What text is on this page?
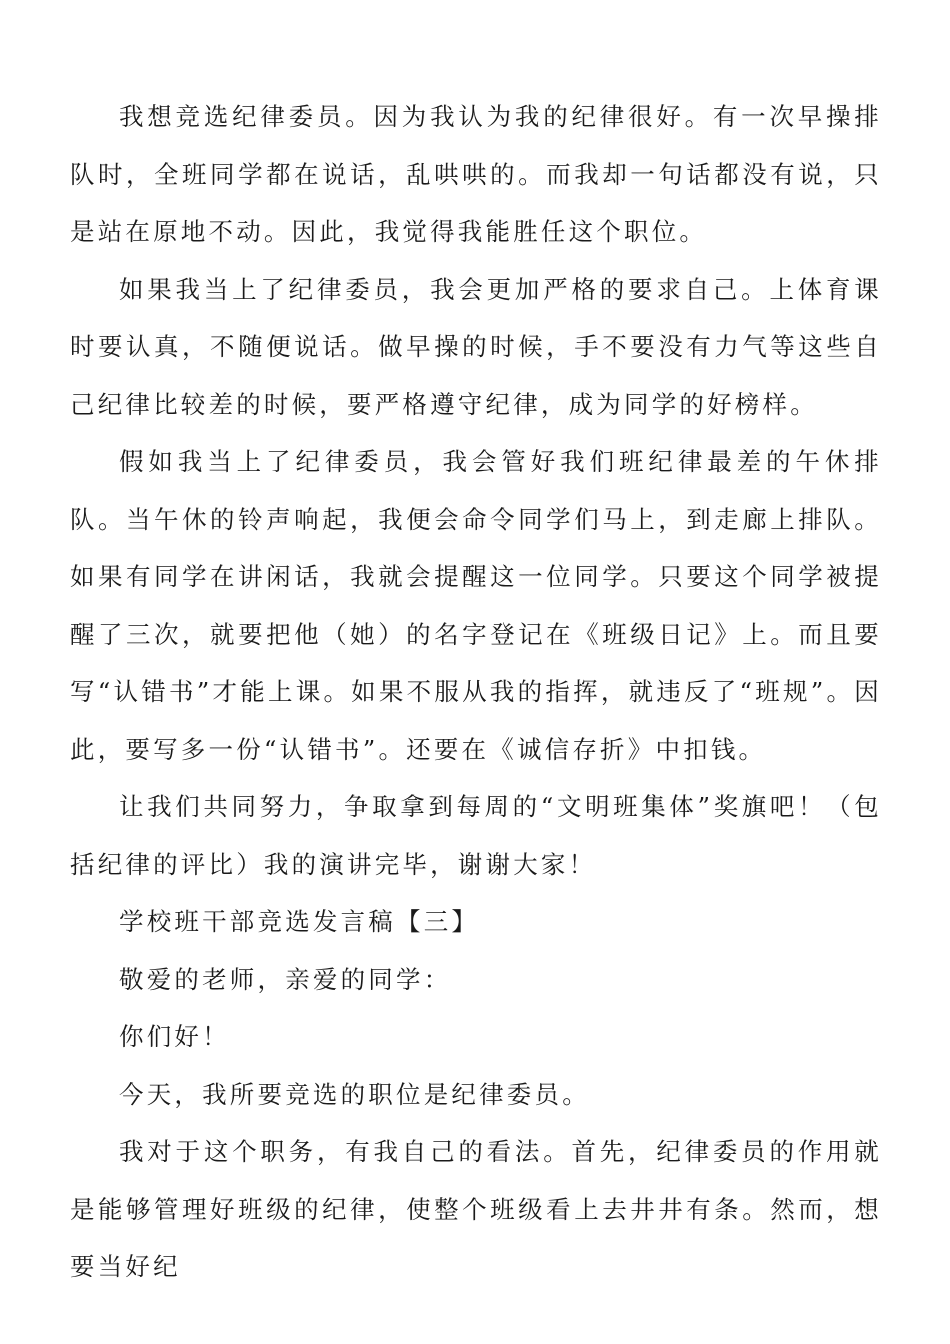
我想竞选纪律委员。因为我认为我的纪律很好。有一次早操排队时，全班同学都在说话，乱哄哄的。而我却一句话都没有说，只是站在原地不动。因此，我觉得我能胜任这个职位。

如果我当上了纪律委员，我会更加严格的要求自己。上体育课时要认真，不随便说话。做早操的时候，手不要没有力气等这些自己纪律比较差的时候，要严格遵守纪律，成为同学的好榜样。

假如我当上了纪律委员，我会管好我们班纪律最差的午休排队。当午休的铃声响起，我便会命令同学们马上，到走廊上排队。如果有同学在讲闲话，我就会提醒这一位同学。只要这个同学被提醒了三次，就要把他（她）的名字登记在《班级日记》上。而且要写“认错书”才能上课。如果不服从我的指挥，就违反了“班规”。因此，要写多一份“认错书”。还要在《诚信存折》中扣钱。

让我们共同努力，争取拿到每周的“文明班集体”奖旗吧！（包括纪律的评比）我的演讲完毕，谢谢大家！

学校班干部竞选发言稿【三】

敬爱的老师，亲爱的同学：

你们好！

今天，我所要竞选的职位是纪律委员。

我对于这个职务，有我自己的看法。首先，纪律委员的作用就是能够管理好班级的纪律，使整个班级看上去井井有条。然而，想要当好纪
